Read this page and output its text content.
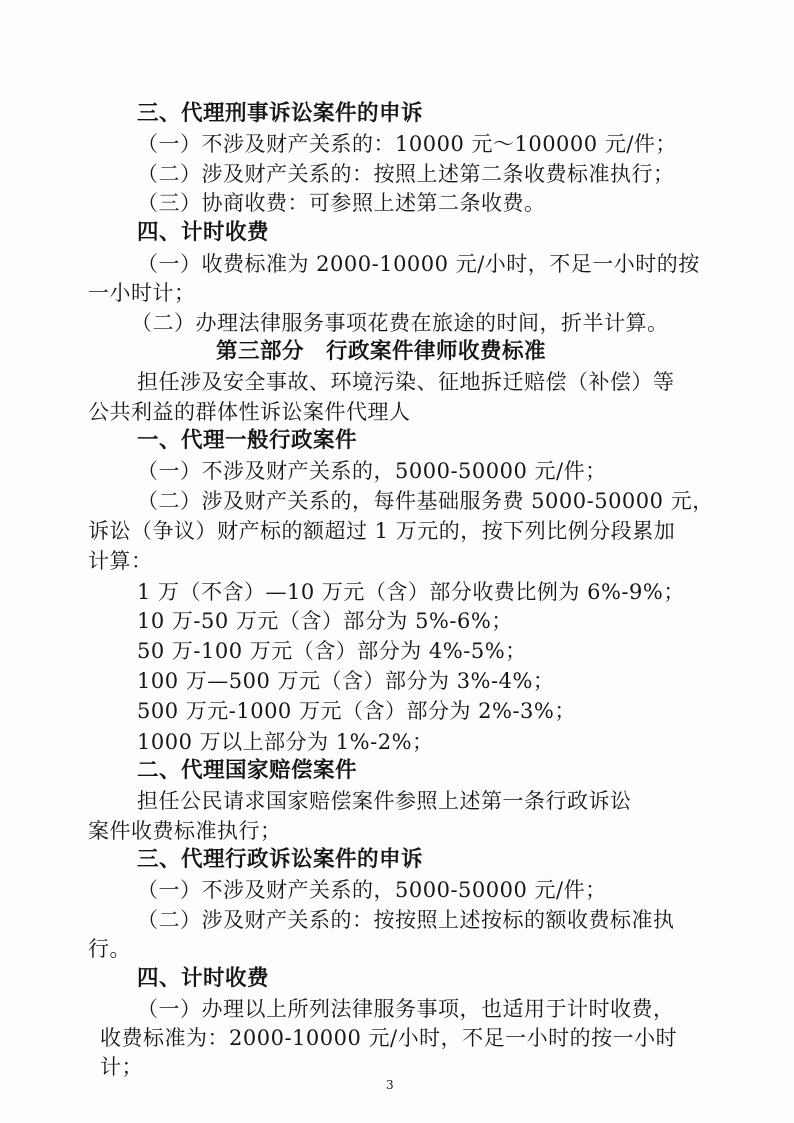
三、代理刑事诉讼案件的申诉
（一）不涉及财产关系的：10000 元～100000 元/件；
（二）涉及财产关系的：按照上述第二条收费标准执行；
（三）协商收费：可参照上述第二条收费。
四、计时收费
（一）收费标准为 2000-10000 元/小时，不足一小时的按
一小时计；
（二）办理法律服务事项花费在旅途的时间，折半计算。
第三部分　行政案件律师收费标准
担任涉及安全事故、环境污染、征地拆迁赔偿（补偿）等
公共利益的群体性诉讼案件代理人
一、代理一般行政案件
（一）不涉及财产关系的，5000-50000 元/件；
（二）涉及财产关系的，每件基础服务费 5000-50000 元，
诉讼（争议）财产标的额超过 1 万元的，按下列比例分段累加
计算：
1 万（不含）—10 万元（含）部分收费比例为 6%-9%；
10 万-50 万元（含）部分为 5%-6%；
50 万-100 万元（含）部分为 4%-5%；
100 万—500 万元（含）部分为 3%-4%；
500 万元-1000 万元（含）部分为 2%-3%；
1000 万以上部分为 1%-2%；
二、代理国家赔偿案件
担任公民请求国家赔偿案件参照上述第一条行政诉讼
案件收费标准执行；
三、代理行政诉讼案件的申诉
（一）不涉及财产关系的，5000-50000 元/件；
（二）涉及财产关系的：按按照上述按标的额收费标准执
行。
四、计时收费
（一）办理以上所列法律服务事项，也适用于计时收费，
收费标准为：2000-10000 元/小时，不足一小时的按一小时
计；
3
